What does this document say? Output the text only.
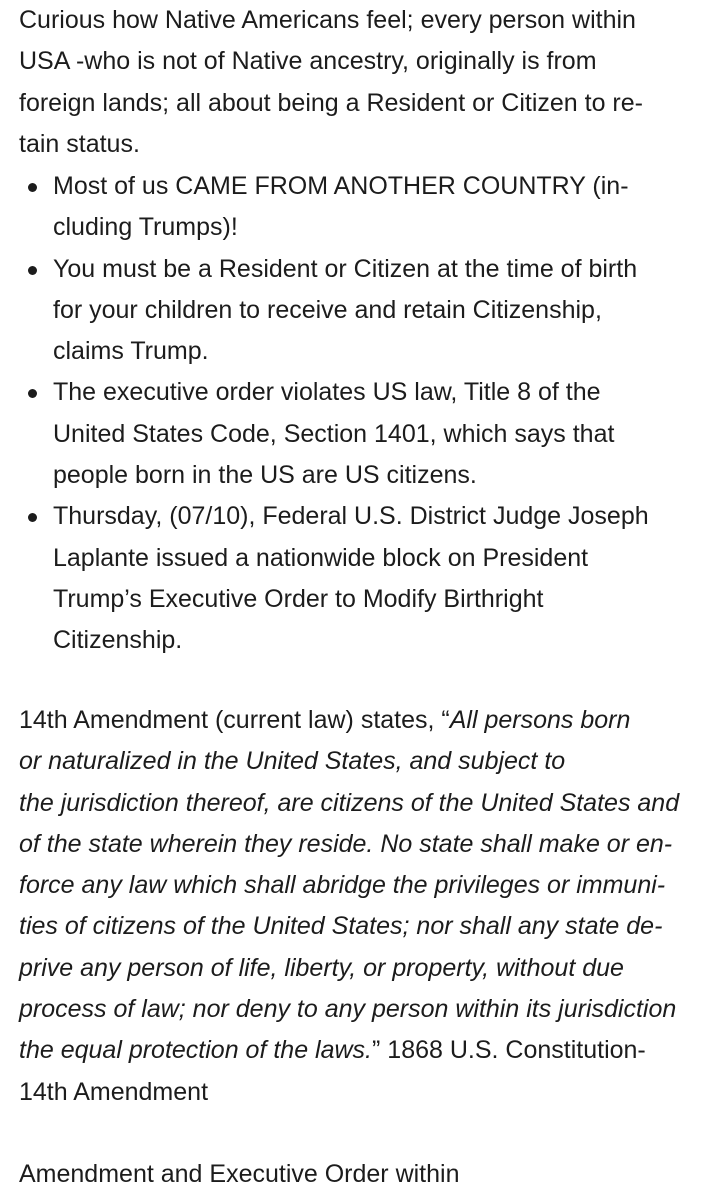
Curious how Native Americans feel; every person within
USA -who is not of Native ancestry, originally is from
foreign lands; all about being a Resident or Citizen to re-
tain status.

Most of us CAME FROM ANOTHER COUNTRY (in-
cluding Trumps)!
You must be a Resident or Citizen at the time of birth
for your children to receive and retain Citizenship,
claims Trump.
The executive order violates US law, Title 8 of the
United States Code, Section 1401, which says that
people born in the US are US citizens.
Thursday, (07/10), Federal U.S. District Judge Joseph
Laplante issued a nationwide block on President
Trump’s Executive Order to Modify Birthright
Citizenship.

14th Amendment (current law) states, “All persons born
or naturalized in the United States, and subject to
the jurisdiction thereof, are citizens of the United States and
of the state wherein they reside. No state shall make or en-
force any law which shall abridge the privileges or immuni-
ties of citizens of the United States; nor shall any state de-
prive any person of life, liberty, or property, without due
process of law; nor deny to any person within its jurisdiction
the equal protection of the laws.” 1868 U.S. Constitution-
14th Amendment

Amendment and Executive Order within
